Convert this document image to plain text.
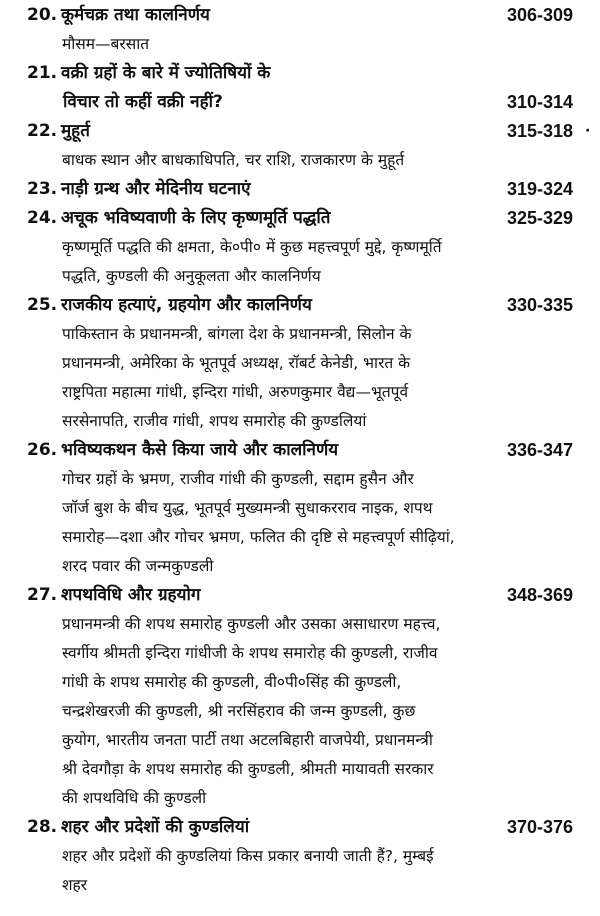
20. कूर्मचक्र तथा कालनिर्णय	306-309
मौसम—बरसात
21. वक्री ग्रहों के बारे में ज्योतिषियों के
विचार तो कहीं वक्री नहीं?	310-314
22. मुहूर्त	315-318 ·
बाधक स्थान और बाधकाधिपति, चर राशि, राजकारण के मुहूर्त
23. नाड़ी ग्रन्थ और मेदिनीय घटनाएं	319-324
24. अचूक भविष्यवाणी के लिए कृष्णमूर्ति पद्धति	325-329
कृष्णमूर्ति पद्धति की क्षमता, के०पी० में कुछ महत्त्वपूर्ण मुद्दे, कृष्णमूर्ति
पद्धति, कुण्डली की अनुकूलता और कालनिर्णय
25. राजकीय हत्याएं, ग्रहयोग और कालनिर्णय	330-335
पाकिस्तान के प्रधानमन्त्री, बांगला देश के प्रधानमन्त्री, सिलोन के
प्रधानमन्त्री, अमेरिका के भूतपूर्व अध्यक्ष, रॉबर्ट केनेडी, भारत के
राष्ट्रपिता महात्मा गांधी, इन्दिरा गांधी, अरुणकुमार वैद्य—भूतपूर्व
सरसेनापति, राजीव गांधी, शपथ समारोह की कुण्डलियां
26. भविष्यकथन कैसे किया जाये और कालनिर्णय	336-347
गोचर ग्रहों के भ्रमण, राजीव गांधी की कुण्डली, सद्दाम हुसैन और
जॉर्ज बुश के बीच युद्ध, भूतपूर्व मुख्यमन्त्री सुधाकरराव नाइक, शपथ
समारोह—दशा और गोचर भ्रमण, फलित की दृष्टि से महत्त्वपूर्ण सीढ़ियां,
शरद पवार की जन्मकुण्डली
27. शपथविधि और ग्रहयोग	348-369
प्रधानमन्त्री की शपथ समारोह कुण्डली और उसका असाधारण महत्त्व,
स्वर्गीय श्रीमती इन्दिरा गांधीजी के शपथ समारोह की कुण्डली, राजीव
गांधी के शपथ समारोह की कुण्डली, वी०पी०सिंह की कुण्डली,
चन्द्रशेखरजी की कुण्डली, श्री नरसिंहराव की जन्म कुण्डली, कुछ
कुयोग, भारतीय जनता पार्टी तथा अटलबिहारी वाजपेयी, प्रधानमन्त्री
श्री देवगौड़ा के शपथ समारोह की कुण्डली, श्रीमती मायावती सरकार
की शपथविधि की कुण्डली
28. शहर और प्रदेशों की कुण्डलियां	370-376
शहर और प्रदेशों की कुण्डलियां किस प्रकार बनायी जाती हैं?, मुम्बई
शहर
